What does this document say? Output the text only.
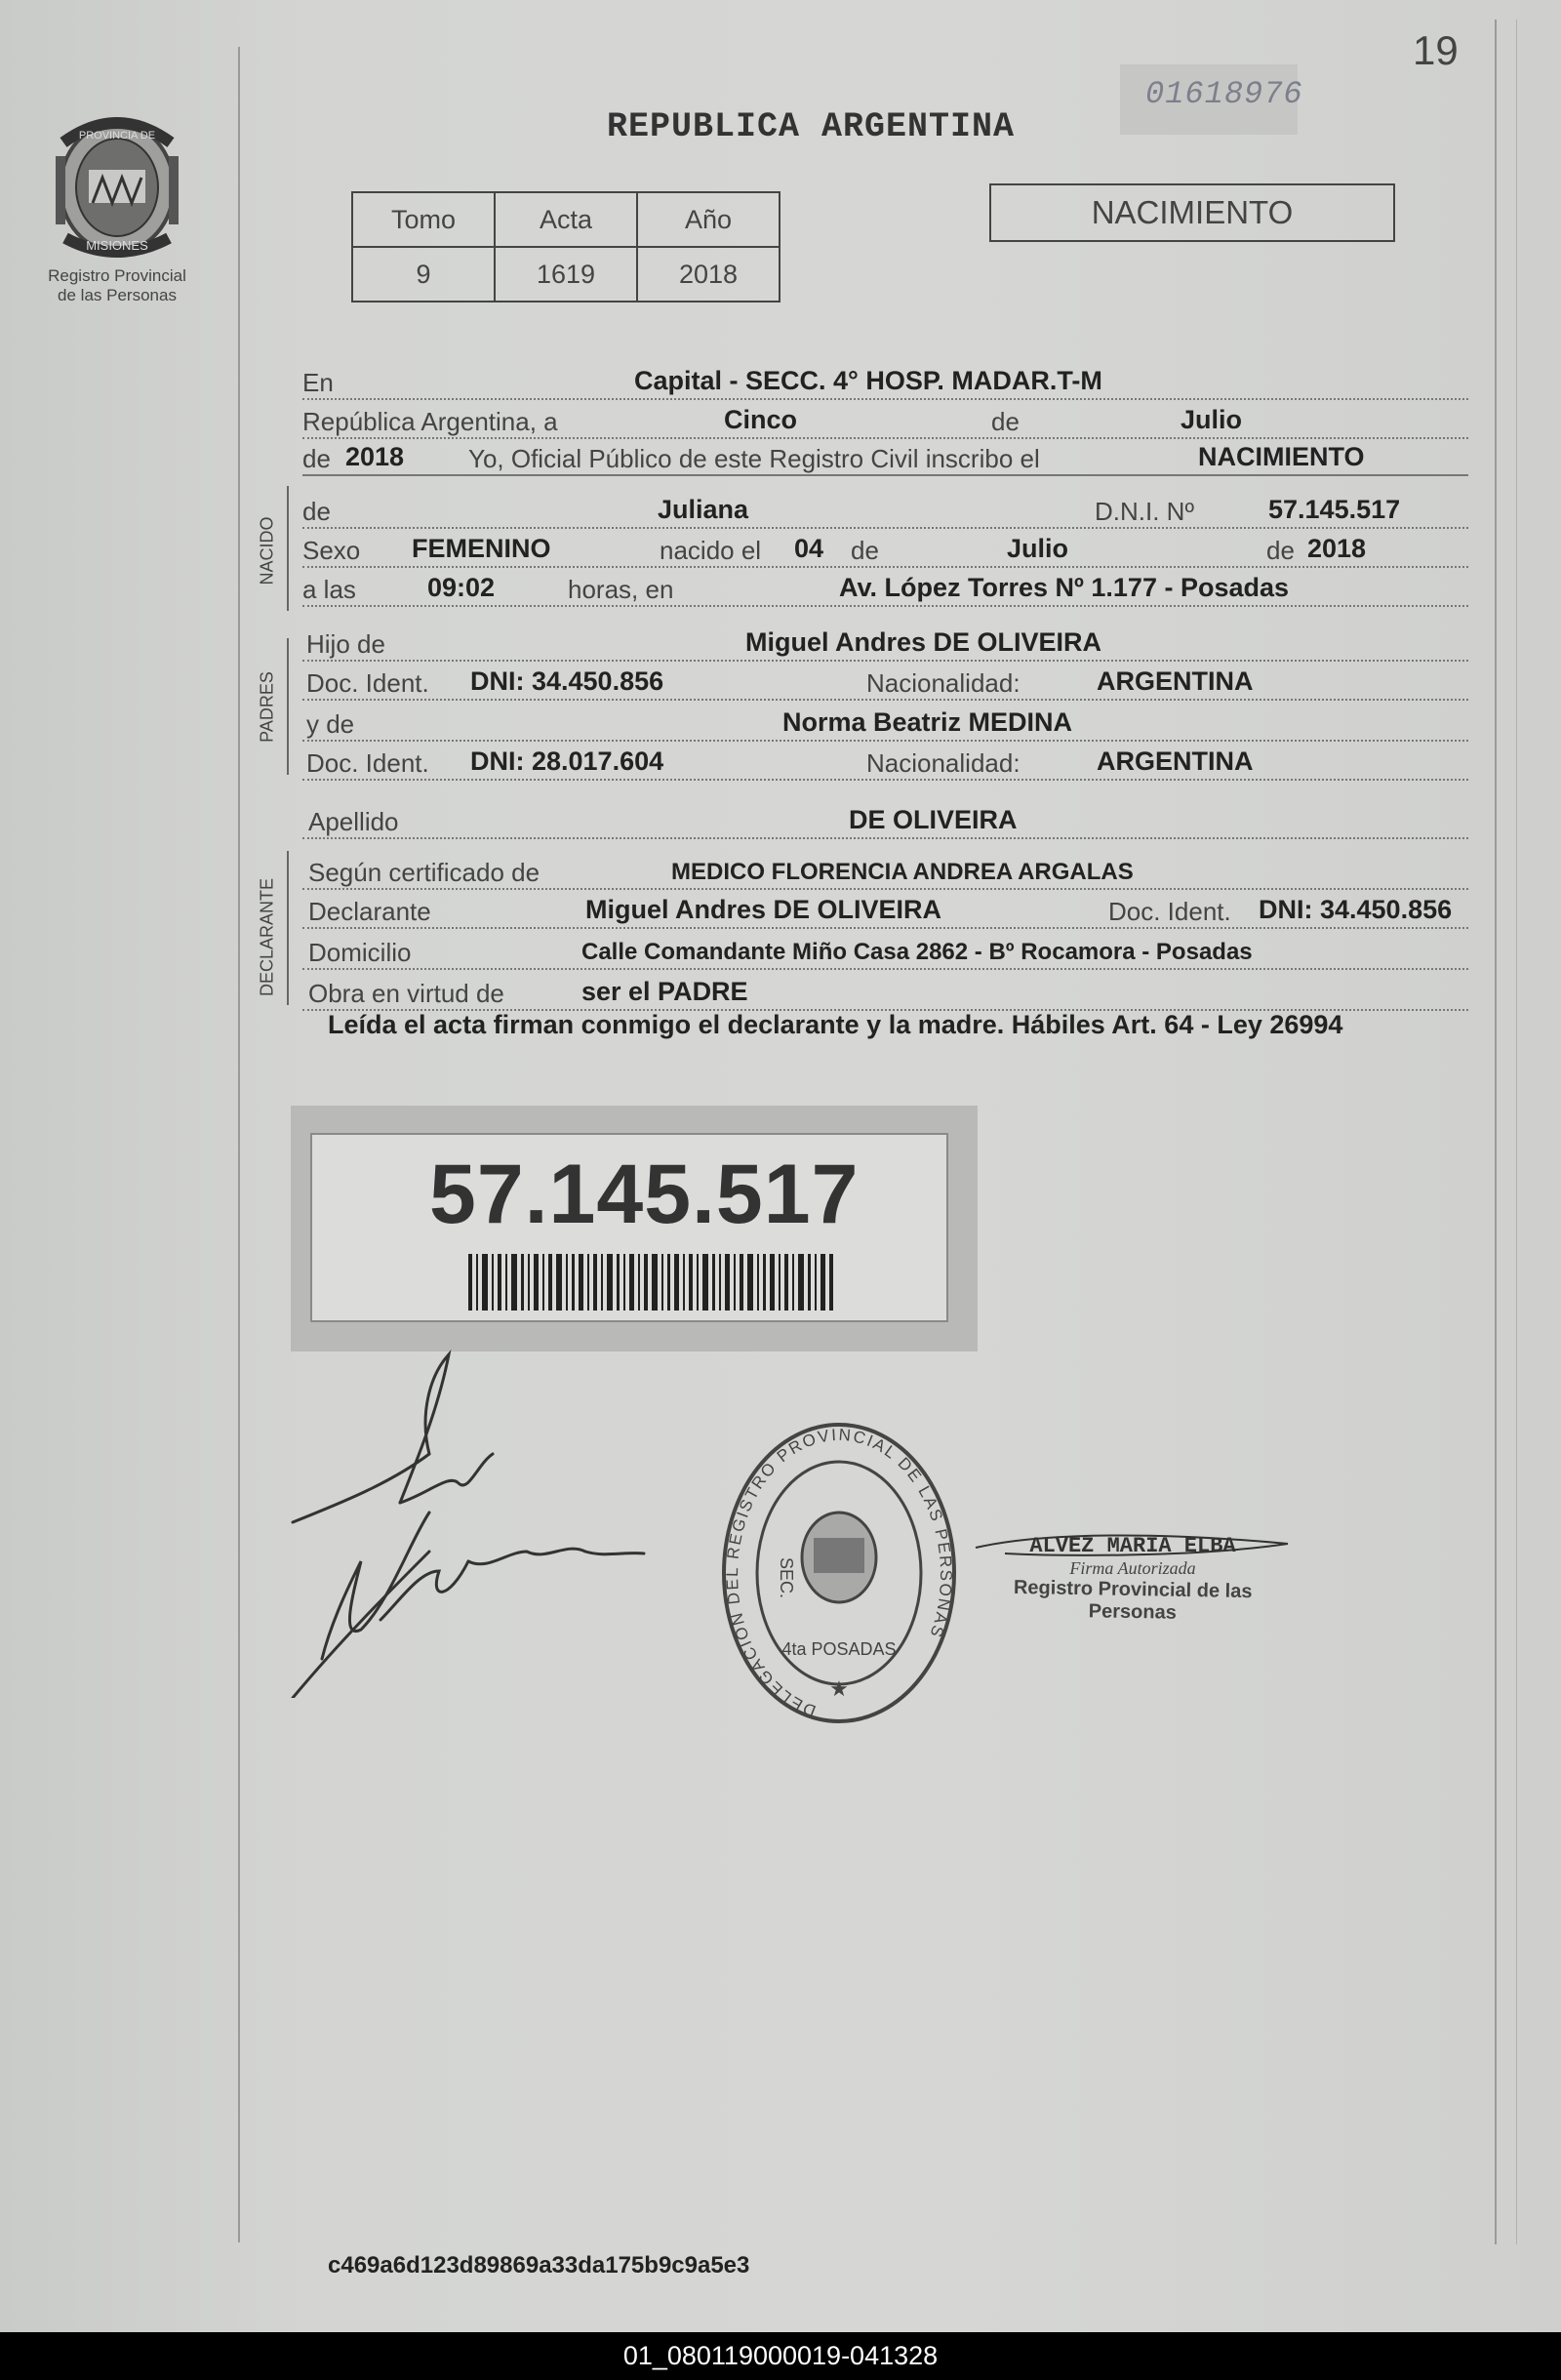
PROVINCIA DE
MISIONES
Registro Provincial
de las Personas
19
01618976
REPUBLICA ARGENTINA
Tomo	Acta	Año
9	1619	2018
NACIMIENTO
En	Capital - SECC. 4° HOSP. MADAR.T-M
República Argentina, a	Cinco	de	Julio
de 2018	Yo, Oficial Público de este Registro Civil inscribo el	NACIMIENTO
NACIDO
de	Juliana	D.N.I. Nº	57.145.517
Sexo FEMENINO	nacido el 04 de	Julio	de 2018
a las	09:02	horas, en	Av. López Torres Nº 1.177 - Posadas
PADRES
Hijo de	Miguel Andres DE OLIVEIRA
Doc. Ident. DNI: 34.450.856	Nacionalidad:	ARGENTINA
y de	Norma Beatriz MEDINA
Doc. Ident. DNI: 28.017.604	Nacionalidad:	ARGENTINA
Apellido	DE OLIVEIRA
DECLARANTE
Según certificado de	MEDICO FLORENCIA ANDREA ARGALAS
Declarante	Miguel Andres DE OLIVEIRA	Doc. Ident. DNI: 34.450.856
Domicilio	Calle Comandante Miño Casa 2862 - Bº Rocamora - Posadas
Obra en virtud de	ser el PADRE
Leída el acta firman conmigo el declarante y la madre. Hábiles Art. 64 - Ley 26994
57.145.517
DELEGACIÓN DEL REGISTRO PROVINCIAL DE LAS PERSONAS
SEC.
4ta POSADAS
★
ALVEZ MARIA ELBA
Firma Autorizada
Registro Provincial de las Personas
c469a6d123d89869a33da175b9c9a5e3
01_080119000019-041328
